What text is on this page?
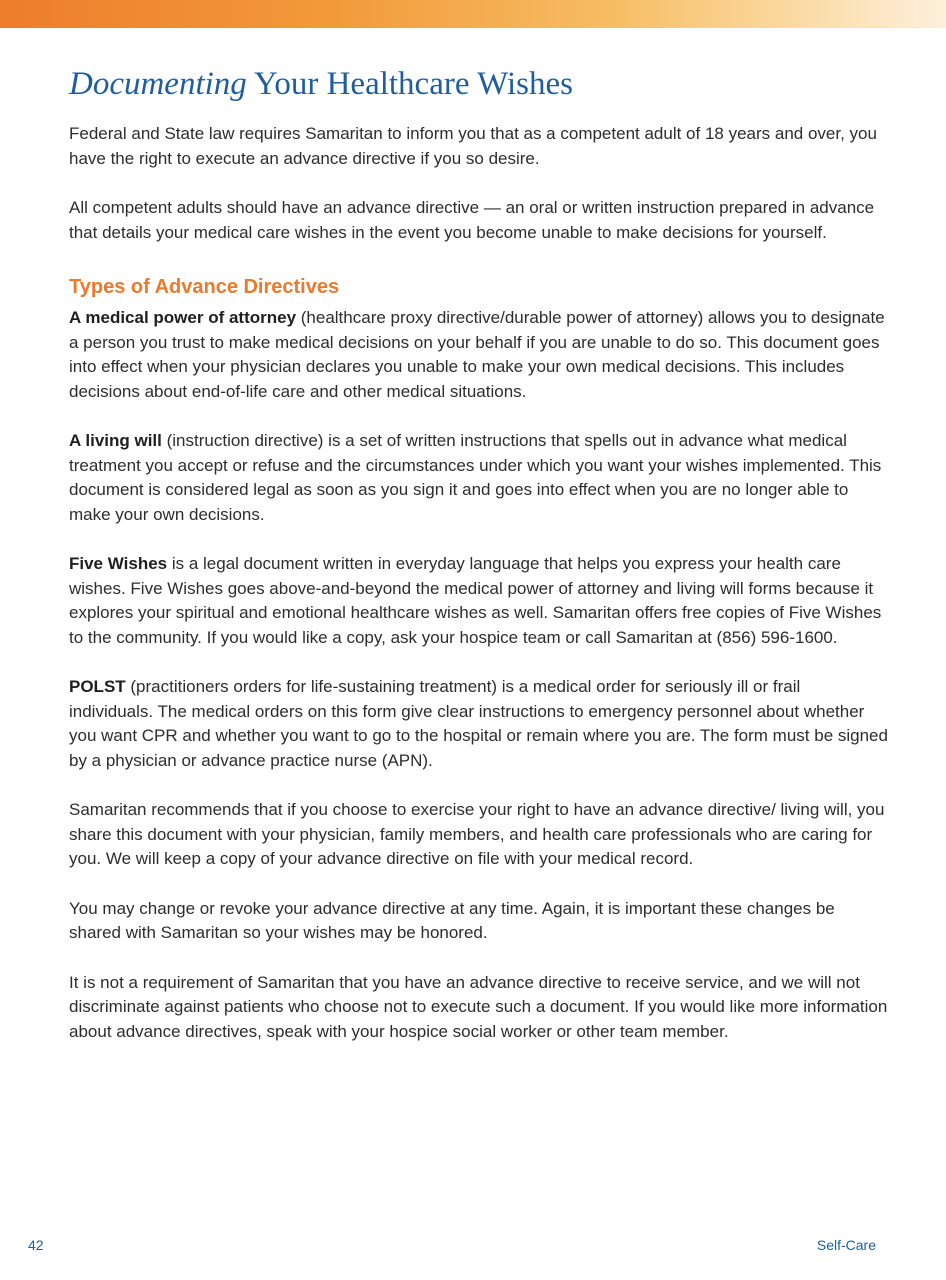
Documenting Your Healthcare Wishes

Federal and State law requires Samaritan to inform you that as a competent adult of 18 years and over, you have the right to execute an advance directive if you so desire.

All competent adults should have an advance directive — an oral or written instruction prepared in advance that details your medical care wishes in the event you become unable to make decisions for yourself.

Types of Advance Directives

A medical power of attorney (healthcare proxy directive/durable power of attorney) allows you to designate a person you trust to make medical decisions on your behalf if you are unable to do so. This document goes into effect when your physician declares you unable to make your own medical decisions. This includes decisions about end-of-life care and other medical situations.

A living will (instruction directive) is a set of written instructions that spells out in advance what medical treatment you accept or refuse and the circumstances under which you want your wishes implemented. This document is considered legal as soon as you sign it and goes into effect when you are no longer able to make your own decisions.

Five Wishes is a legal document written in everyday language that helps you express your health care wishes. Five Wishes goes above-and-beyond the medical power of attorney and living will forms because it explores your spiritual and emotional healthcare wishes as well. Samaritan offers free copies of Five Wishes to the community. If you would like a copy, ask your hospice team or call Samaritan at (856) 596-1600.

POLST (practitioners orders for life-sustaining treatment) is a medical order for seriously ill or frail individuals. The medical orders on this form give clear instructions to emergency personnel about whether you want CPR and whether you want to go to the hospital or remain where you are. The form must be signed by a physician or advance practice nurse (APN).

Samaritan recommends that if you choose to exercise your right to have an advance directive/ living will, you share this document with your physician, family members, and health care professionals who are caring for you. We will keep a copy of your advance directive on file with your medical record.

You may change or revoke your advance directive at any time. Again, it is important these changes be shared with Samaritan so your wishes may be honored.

It is not a requirement of Samaritan that you have an advance directive to receive service, and we will not discriminate against patients who choose not to execute such a document. If you would like more information about advance directives, speak with your hospice social worker or other team member.

42	Self-Care
